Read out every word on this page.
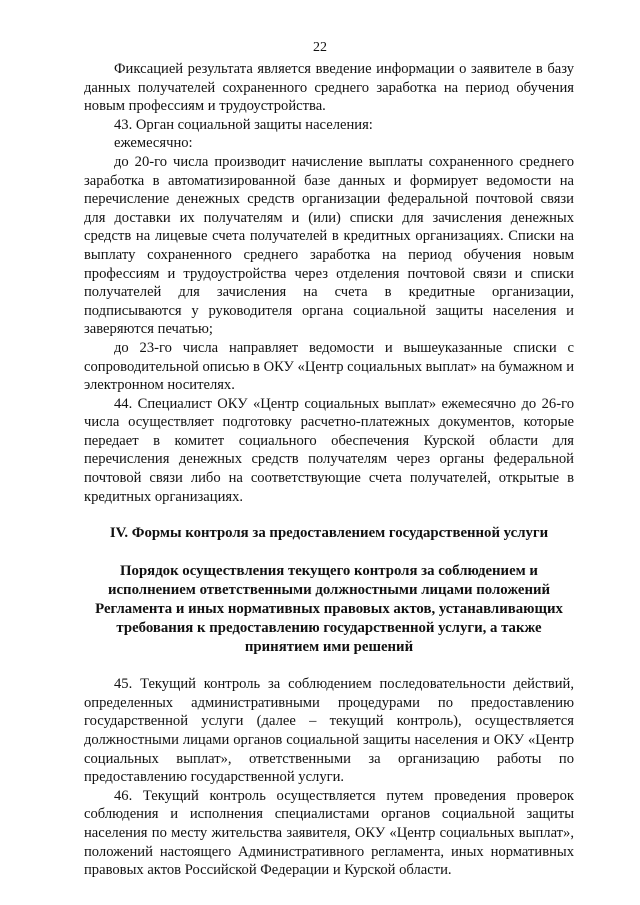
22

Фиксацией результата является введение информации о заявителе в базу данных получателей сохраненного среднего заработка на период обучения новым профессиям и трудоустройства.

43. Орган социальной защиты населения:

ежемесячно:

до 20-го числа производит начисление выплаты сохраненного среднего заработка в автоматизированной базе данных и формирует ведомости на перечисление денежных средств организации федеральной почтовой связи для доставки их получателям и (или) списки для зачисления денежных средств на лицевые счета получателей в кредитных организациях. Списки на выплату сохраненного среднего заработка на период обучения новым профессиям и трудоустройства через отделения почтовой связи и списки получателей для зачисления на счета в кредитные организации, подписываются у руководителя органа социальной защиты населения и заверяются печатью;

до 23-го числа направляет ведомости и вышеуказанные списки с сопроводительной описью в ОКУ «Центр социальных выплат» на бумажном и электронном носителях.

44. Специалист ОКУ «Центр социальных выплат» ежемесячно до 26-го числа осуществляет подготовку расчетно-платежных документов, которые передает в комитет социального обеспечения Курской области для перечисления денежных средств получателям через органы федеральной почтовой связи либо на соответствующие счета получателей, открытые в кредитных организациях.

IV. Формы контроля за предоставлением государственной услуги

Порядок осуществления текущего контроля за соблюдением и исполнением ответственными должностными лицами положений Регламента и иных нормативных правовых актов, устанавливающих требования к предоставлению государственной услуги, а также принятием ими решений

45. Текущий контроль за соблюдением последовательности действий, определенных административными процедурами по предоставлению государственной услуги (далее – текущий контроль), осуществляется должностными лицами органов социальной защиты населения и ОКУ «Центр социальных выплат», ответственными за организацию работы по предоставлению государственной услуги.

46. Текущий контроль осуществляется путем проведения проверок соблюдения и исполнения специалистами органов социальной защиты населения по месту жительства заявителя, ОКУ «Центр социальных выплат», положений настоящего Административного регламента, иных нормативных правовых актов Российской Федерации и Курской области.
